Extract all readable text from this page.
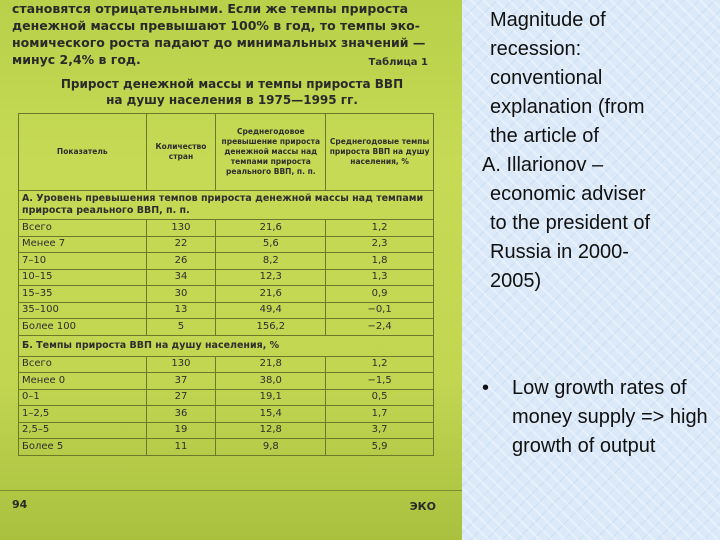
становятся отрицательными. Если же темпы прироста
денежной массы превышают 100% в год, то темпы эко-
номического роста падают до минимальных значений —
минус 2,4% в год.	Таблица 1
Прирост денежной массы и темпы прироста ВВП
на душу населения в 1975—1995 гг.
Показатель	Количество стран	Среднегодовое превышение прироста денежной массы над темпами прироста реального ВВП, п. п.	Среднегодовые темпы прироста ВВП на душу населения, %
А. Уровень превышения темпов прироста денежной массы над темпами прироста реального ВВП, п. п.			
Всего	130	21,6	1,2
Менее 7	22	5,6	2,3
7–10	26	8,2	1,8
10–15	34	12,3	1,3
15–35	30	21,6	0,9
35–100	13	49,4	−0,1
Более 100	5	156,2	−2,4
Б. Темпы прироста ВВП на душу населения, %			
Всего	130	21,8	1,2
Менее 0	37	38,0	−1,5
0–1	27	19,1	0,5
1–2,5	36	15,4	1,7
2,5–5	19	12,8	3,7
Более 5	11	9,8	5,9
94	ЭКО
Magnitude of
recession:
conventional
explanation (from
the article of
A. Illarionov –
economic adviser
to the president of
Russia in 2000-
2005)
•	Low growth rates of money supply => high growth of output
